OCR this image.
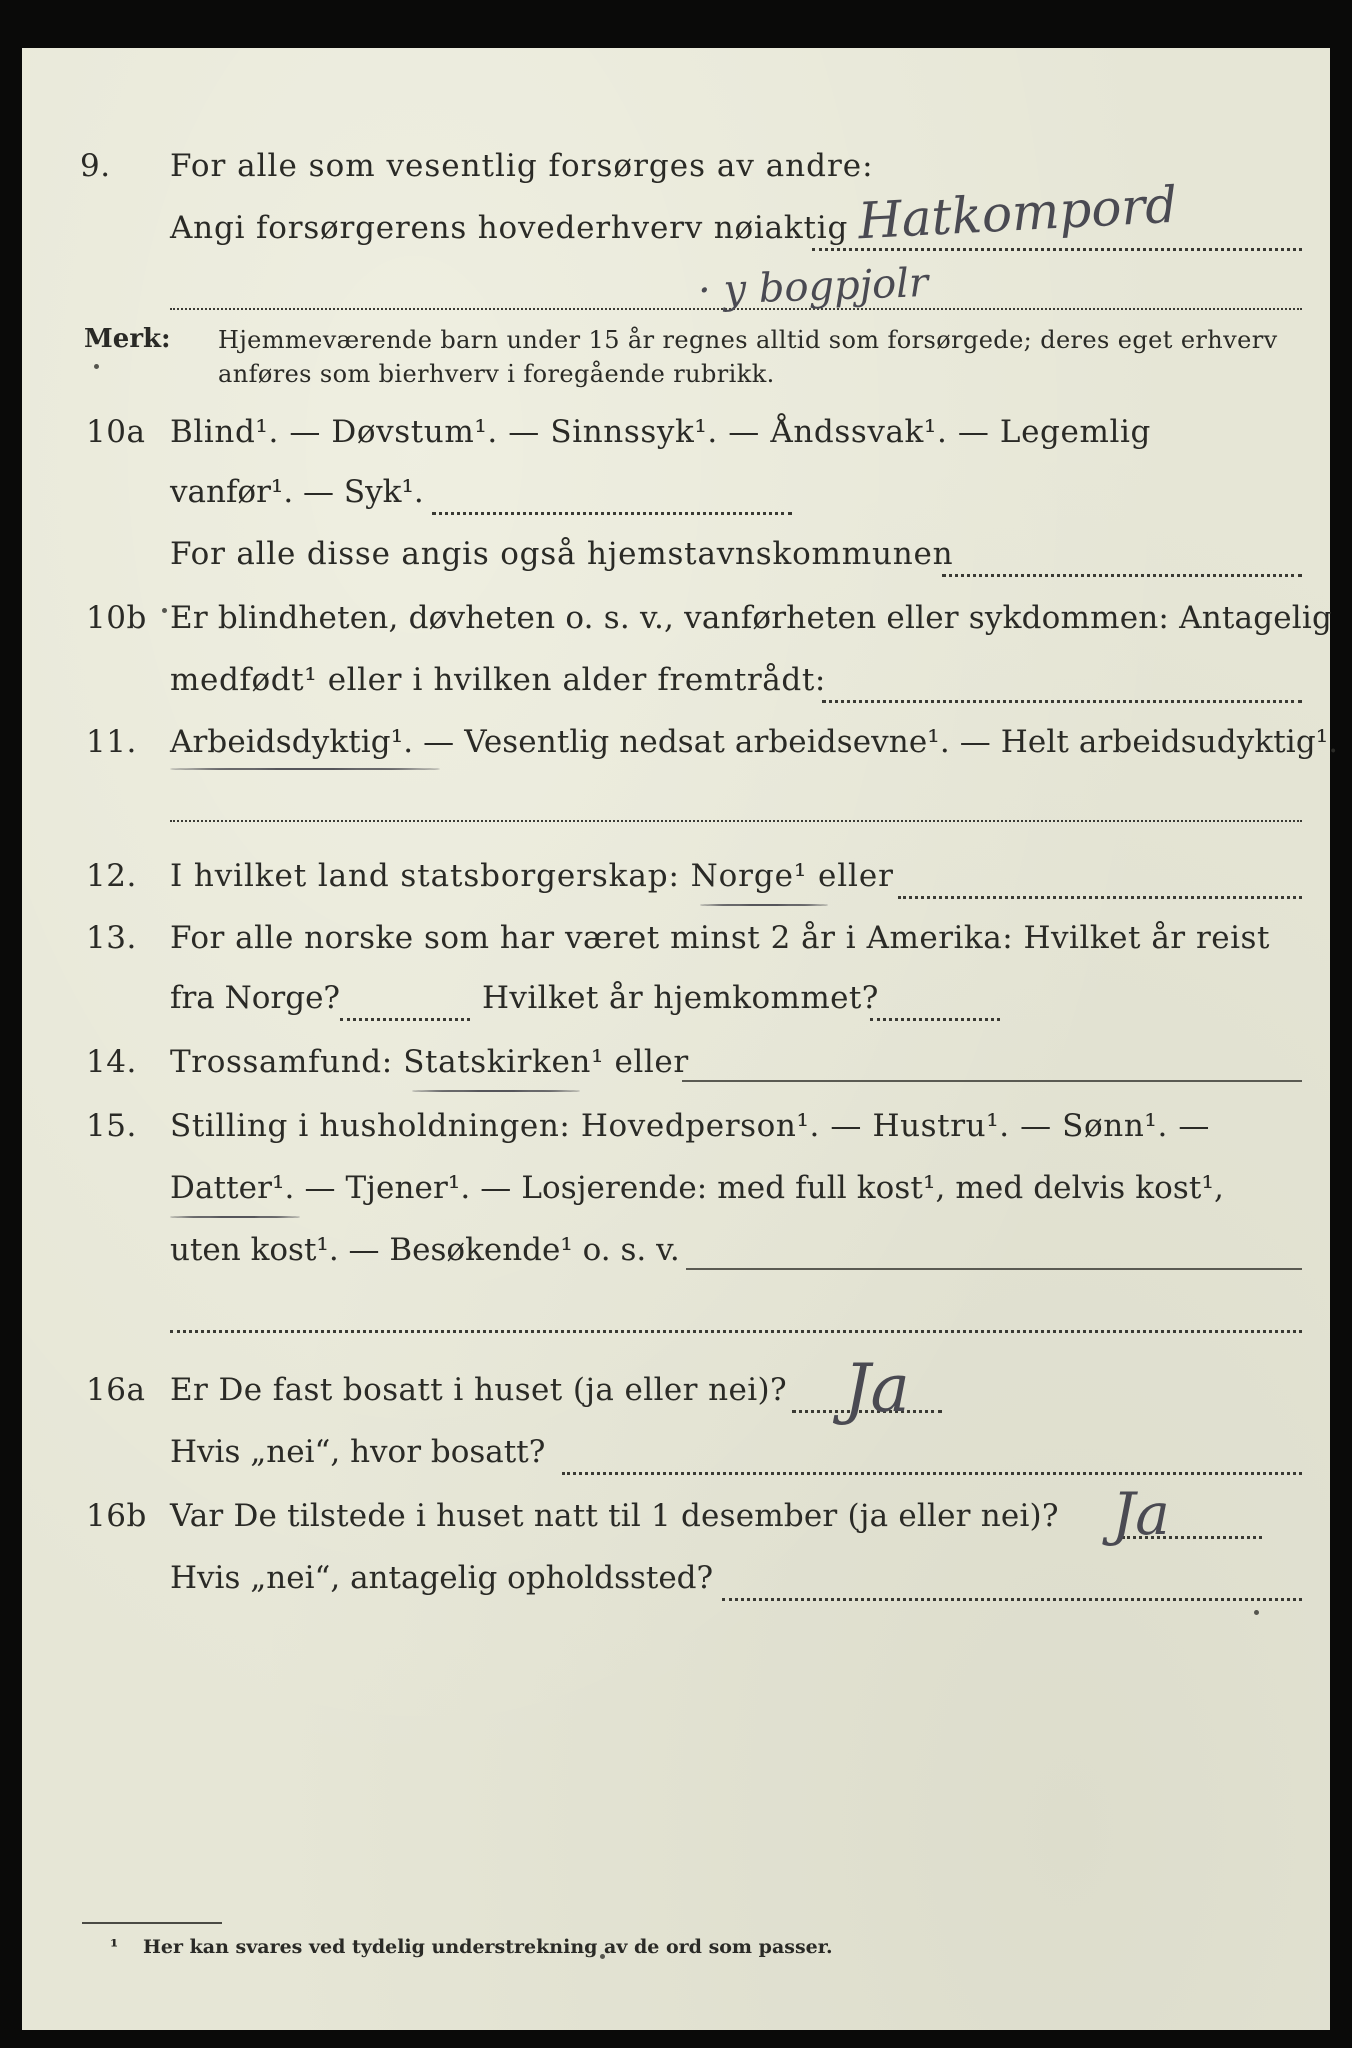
9. For alle som vesentlig forsørges av andre:
Angi forsørgerens hovederhverv nøiaktig Hatkompord
· y bogpjolr
Merk: Hjemmeværende barn under 15 år regnes alltid som forsørgede; deres eget erhverv
anføres som bierhverv i foregående rubrikk.
10a Blind¹. — Døvstum¹. — Sinnssyk¹. — Åndssvak¹. — Legemlig
vanfør¹. — Syk¹.
For alle disse angis også hjemstavnskommunen
10b Er blindheten, døvheten o. s. v., vanførheten eller sykdommen: Antagelig
medfødt¹ eller i hvilken alder fremtrådt:
11. Arbeidsdyktig¹. — Vesentlig nedsat arbeidsevne¹. — Helt arbeidsudyktig¹.
12. I hvilket land statsborgerskap: Norge¹ eller
13. For alle norske som har været minst 2 år i Amerika: Hvilket år reist
fra Norge?	Hvilket år hjemkommet?
14. Trossamfund: Statskirken¹ eller
15. Stilling i husholdningen: Hovedperson¹. — Hustru¹. — Sønn¹. —
Datter¹. — Tjener¹. — Losjerende: med full kost¹, med delvis kost¹,
uten kost¹. — Besøkende¹ o. s. v.
16a Er De fast bosatt i huset (ja eller nei)? Ja
Hvis „nei“, hvor bosatt?
16b Var De tilstede i huset natt til 1 desember (ja eller nei)? Ja
Hvis „nei“, antagelig opholdssted?
¹ Her kan svares ved tydelig understrekning av de ord som passer.
